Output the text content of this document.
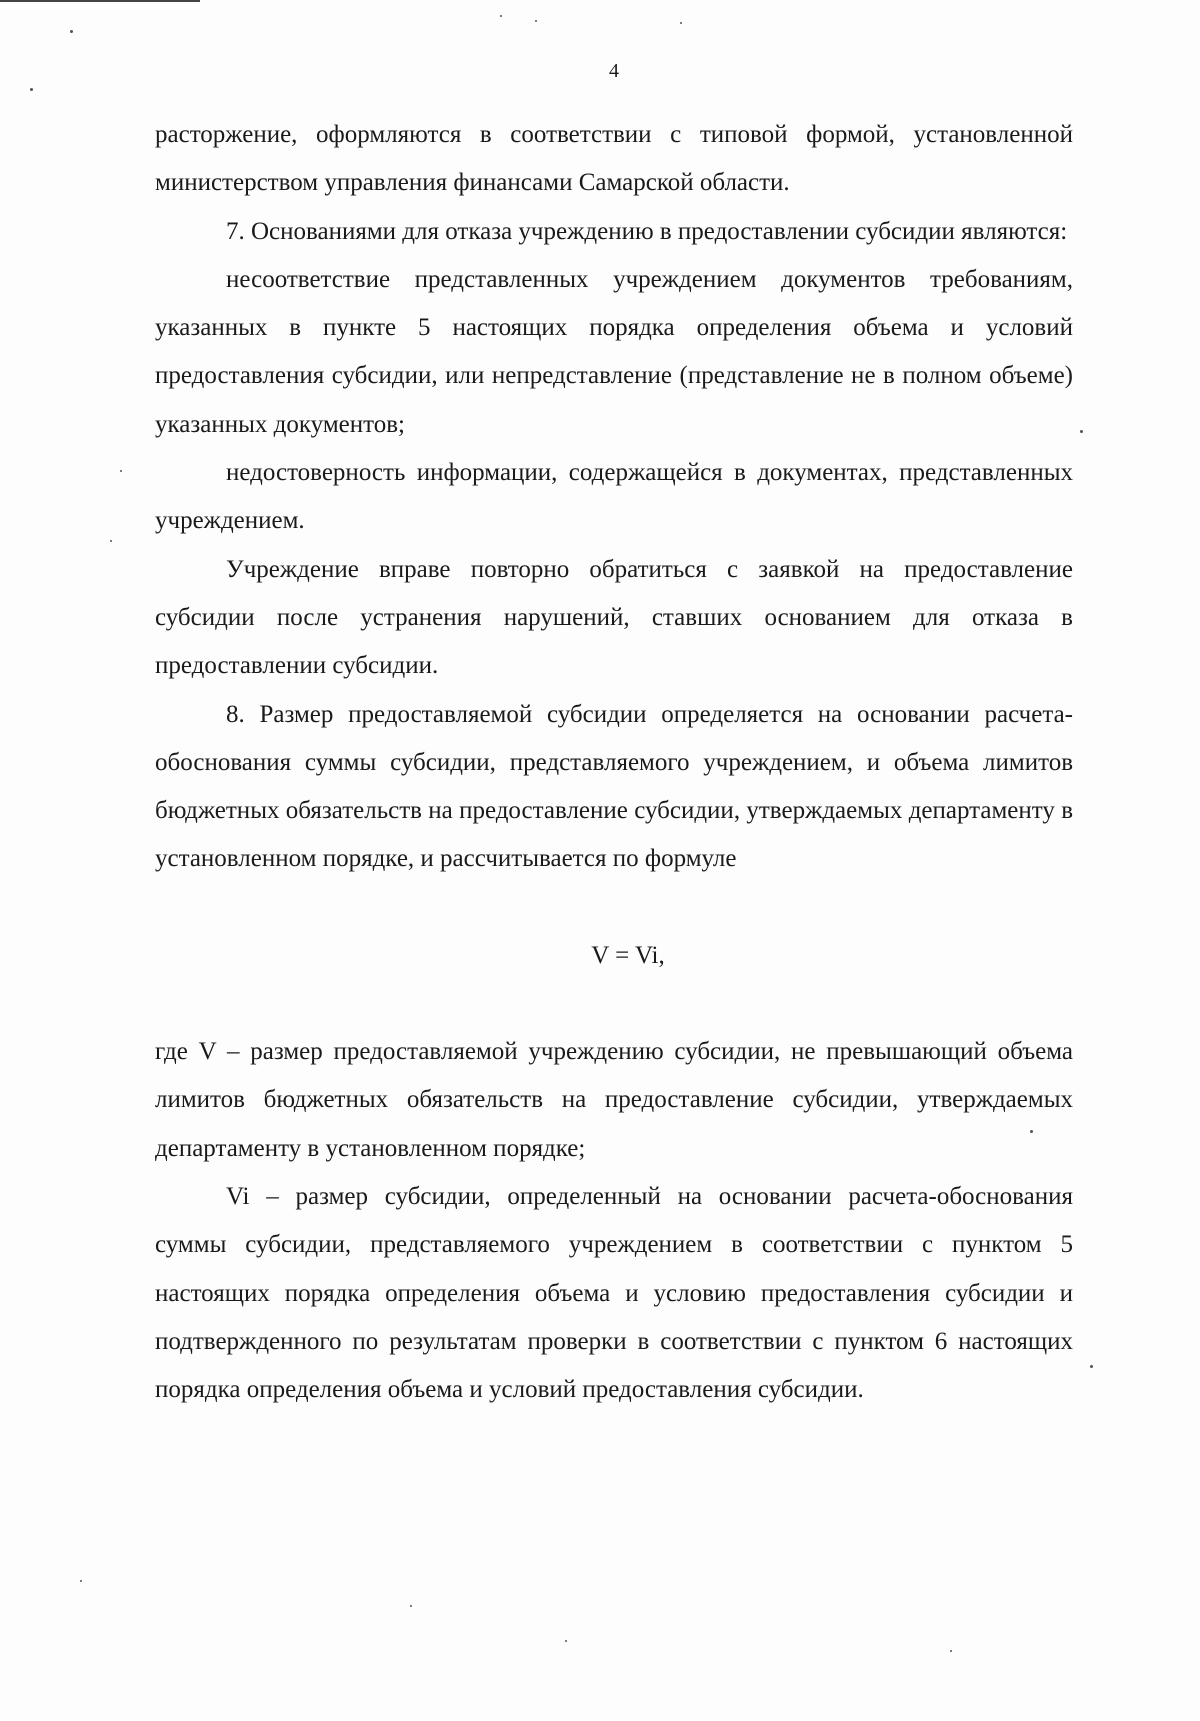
4

расторжение, оформляются в соответствии с типовой формой, установленной министерством управления финансами Самарской области.

7. Основаниями для отказа учреждению в предоставлении субсидии являются:

несоответствие представленных учреждением документов требованиям, указанных в пункте 5 настоящих порядка определения объема и условий предоставления субсидии, или непредставление (представление не в полном объеме) указанных документов;

недостоверность информации, содержащейся в документах, представленных учреждением.

Учреждение вправе повторно обратиться с заявкой на предоставление субсидии после устранения нарушений, ставших основанием для отказа в предоставлении субсидии.

8. Размер предоставляемой субсидии определяется на основании расчета-обоснования суммы субсидии, представляемого учреждением, и объема лимитов бюджетных обязательств на предоставление субсидии, утверждаемых департаменту в установленном порядке, и рассчитывается по формуле

V = Vi,

где V – размер предоставляемой учреждению субсидии, не превышающий объема лимитов бюджетных обязательств на предоставление субсидии, утверждаемых департаменту в установленном порядке;

Vi – размер субсидии, определенный на основании расчета-обоснования суммы субсидии, представляемого учреждением в соответствии с пунктом 5 настоящих порядка определения объема и условию предоставления субсидии и подтвержденного по результатам проверки в соответствии с пунктом 6 настоящих порядка определения объема и условий предоставления субсидии.
